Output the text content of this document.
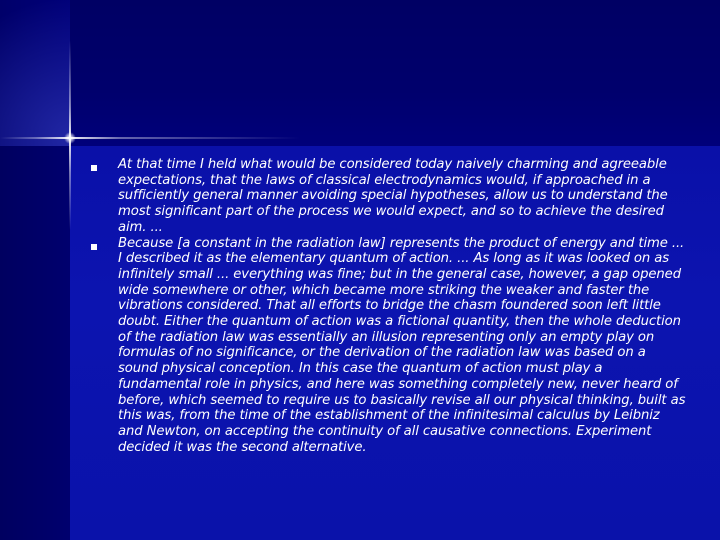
At that time I held what would be considered today naively charming and agreeable expectations, that the laws of classical electrodynamics would, if approached in a sufficiently general manner avoiding special hypotheses, allow us to understand the most significant part of the process we would expect, and so to achieve the desired aim. ...
Because [a constant in the radiation law] represents the product of energy and time ... I described it as the elementary quantum of action. ... As long as it was looked on as infinitely small ... everything was fine; but in the general case, however, a gap opened wide somewhere or other, which became more striking the weaker and faster the vibrations considered. That all efforts to bridge the chasm foundered soon left little doubt. Either the quantum of action was a fictional quantity, then the whole deduction of the radiation law was essentially an illusion representing only an empty play on formulas of no significance, or the derivation of the radiation law was based on a sound physical conception. In this case the quantum of action must play a fundamental role in physics, and here was something completely new, never heard of before, which seemed to require us to basically revise all our physical thinking, built as this was, from the time of the establishment of the infinitesimal calculus by Leibniz and Newton, on accepting the continuity of all causative connections. Experiment decided it was the second alternative.
